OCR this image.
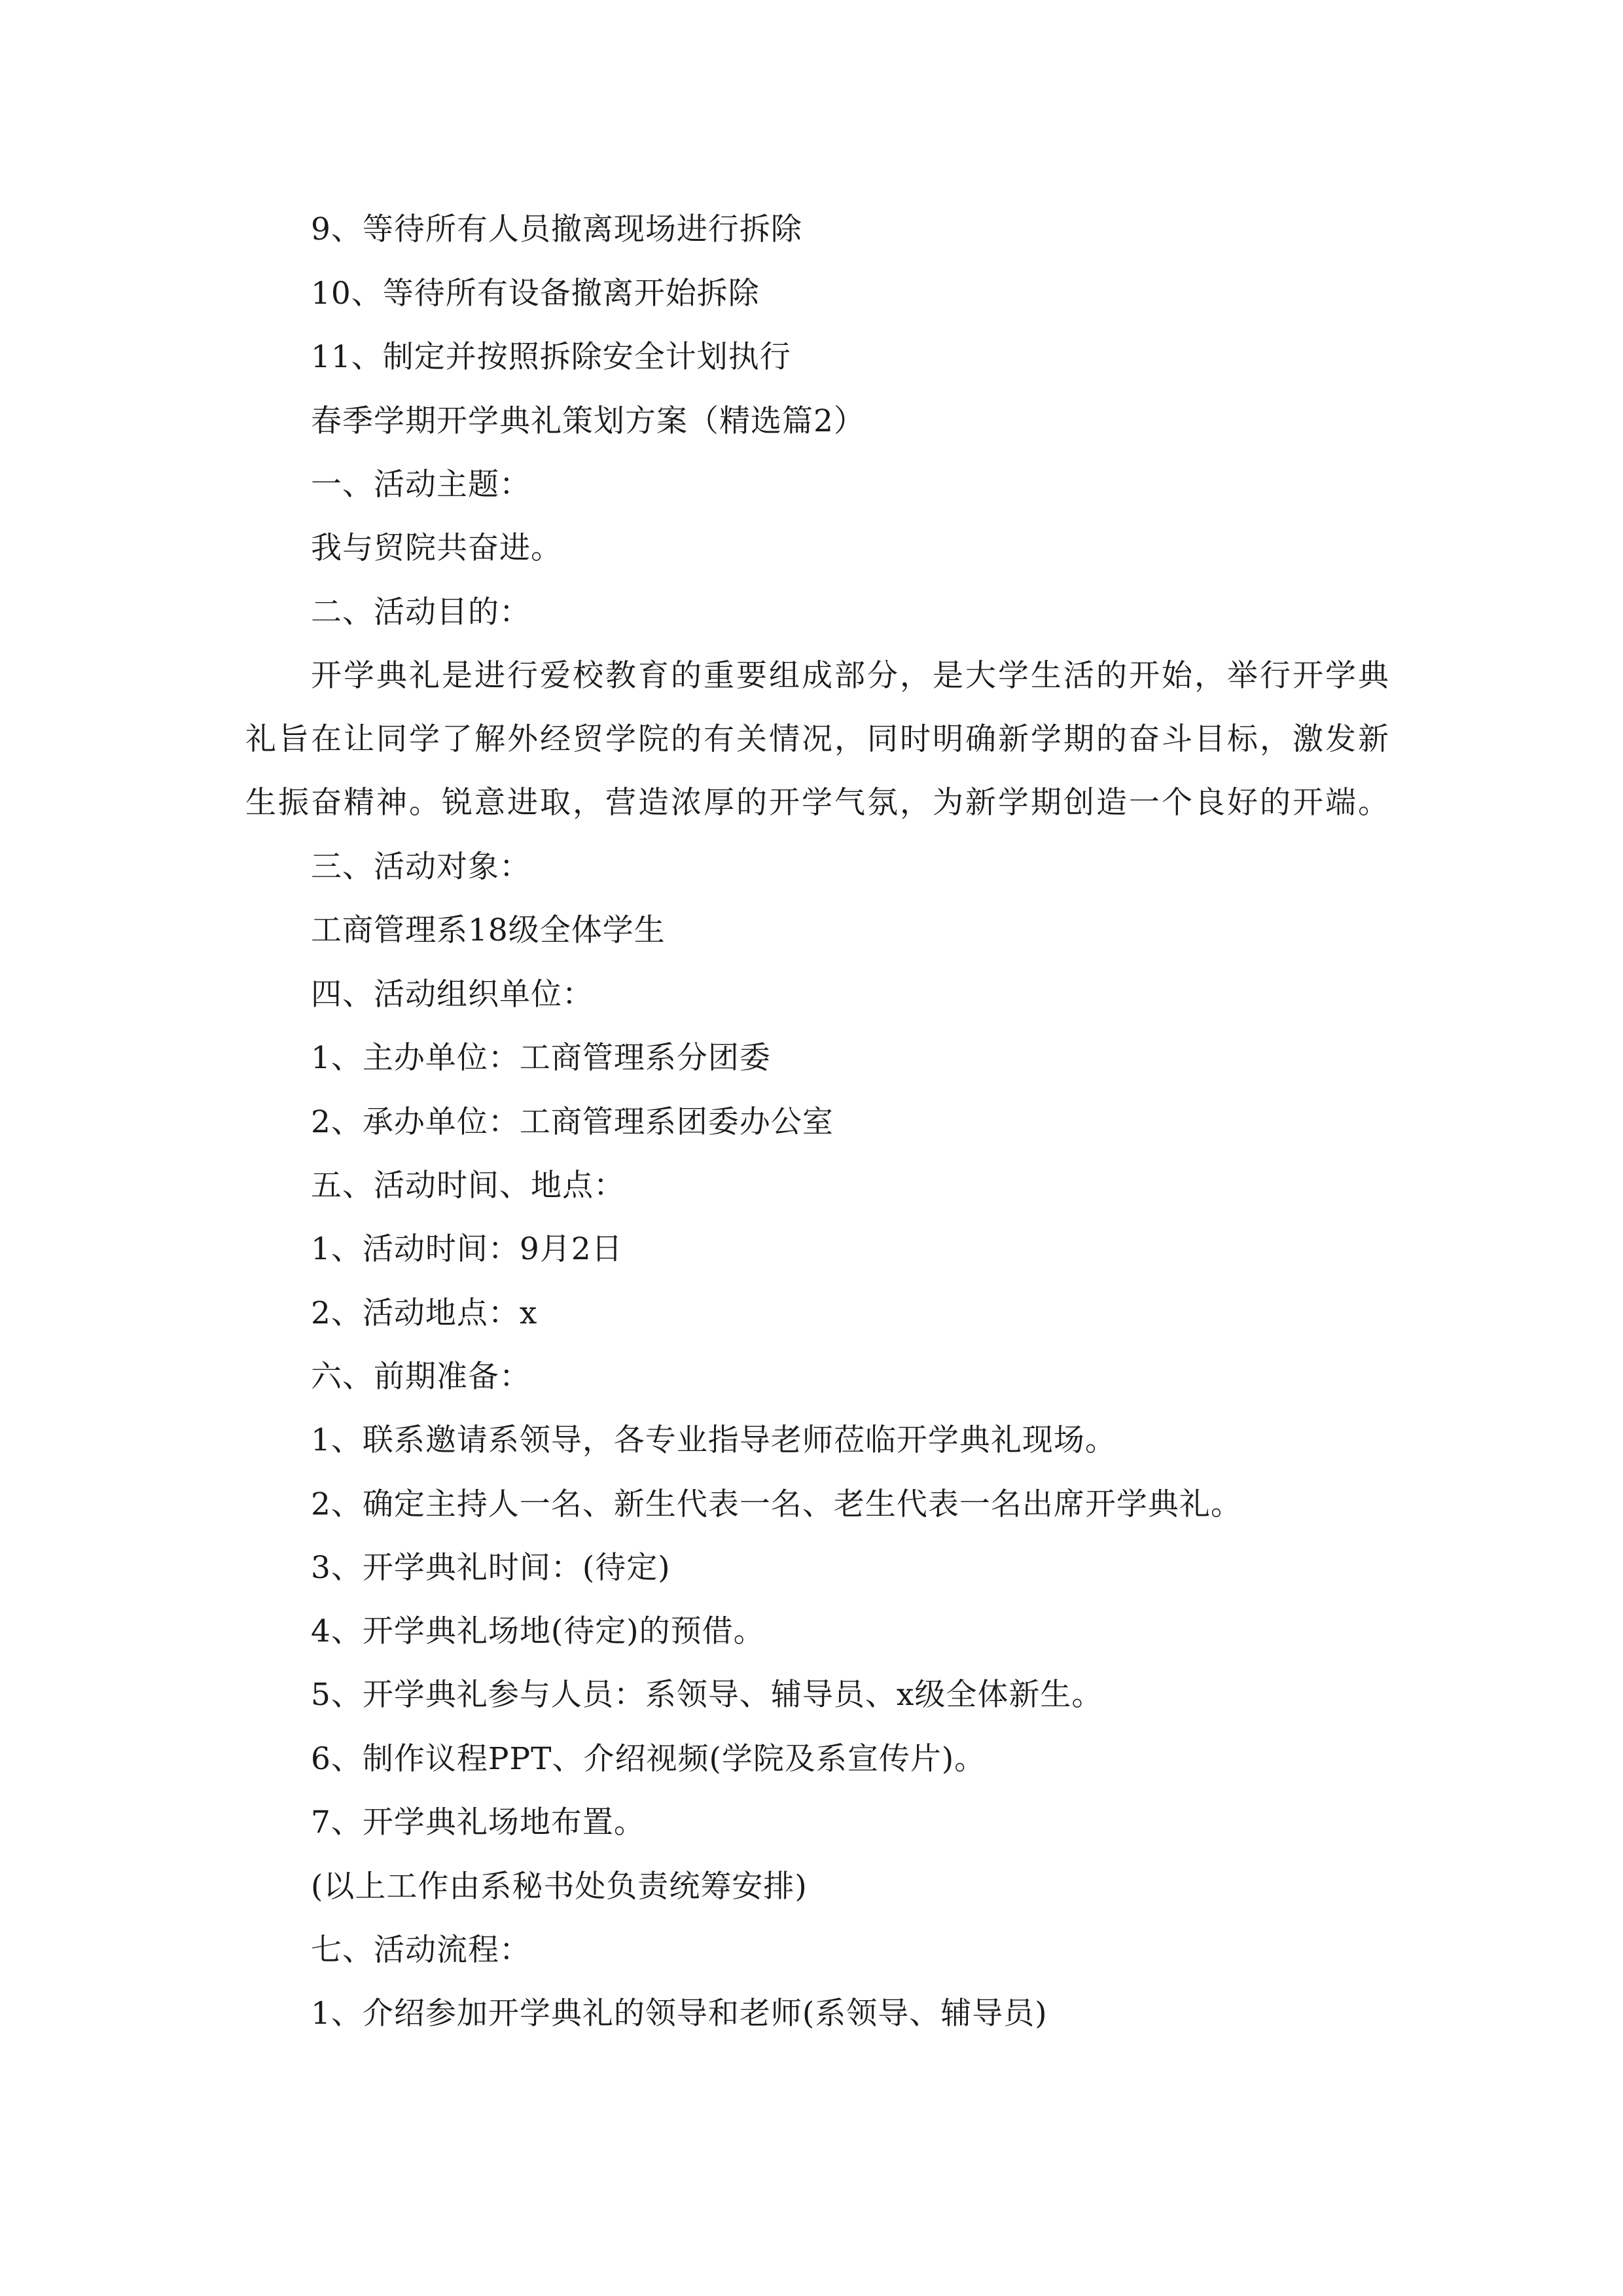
9、等待所有人员撤离现场进行拆除
10、等待所有设备撤离开始拆除
11、制定并按照拆除安全计划执行
春季学期开学典礼策划方案（精选篇2）
一、活动主题：
我与贸院共奋进。
二、活动目的：
开学典礼是进行爱校教育的重要组成部分，是大学生活的开始，举行开学典
礼旨在让同学了解外经贸学院的有关情况，同时明确新学期的奋斗目标，激发新
生振奋精神。锐意进取，营造浓厚的开学气氛，为新学期创造一个良好的开端。
三、活动对象：
工商管理系18级全体学生
四、活动组织单位：
1、主办单位：工商管理系分团委
2、承办单位：工商管理系团委办公室
五、活动时间、地点：
1、活动时间：9月2日
2、活动地点：x
六、前期准备：
1、联系邀请系领导，各专业指导老师莅临开学典礼现场。
2、确定主持人一名、新生代表一名、老生代表一名出席开学典礼。
3、开学典礼时间：(待定)
4、开学典礼场地(待定)的预借。
5、开学典礼参与人员：系领导、辅导员、x级全体新生。
6、制作议程PPT、介绍视频(学院及系宣传片)。
7、开学典礼场地布置。
(以上工作由系秘书处负责统筹安排)
七、活动流程：
1、介绍参加开学典礼的领导和老师(系领导、辅导员)
